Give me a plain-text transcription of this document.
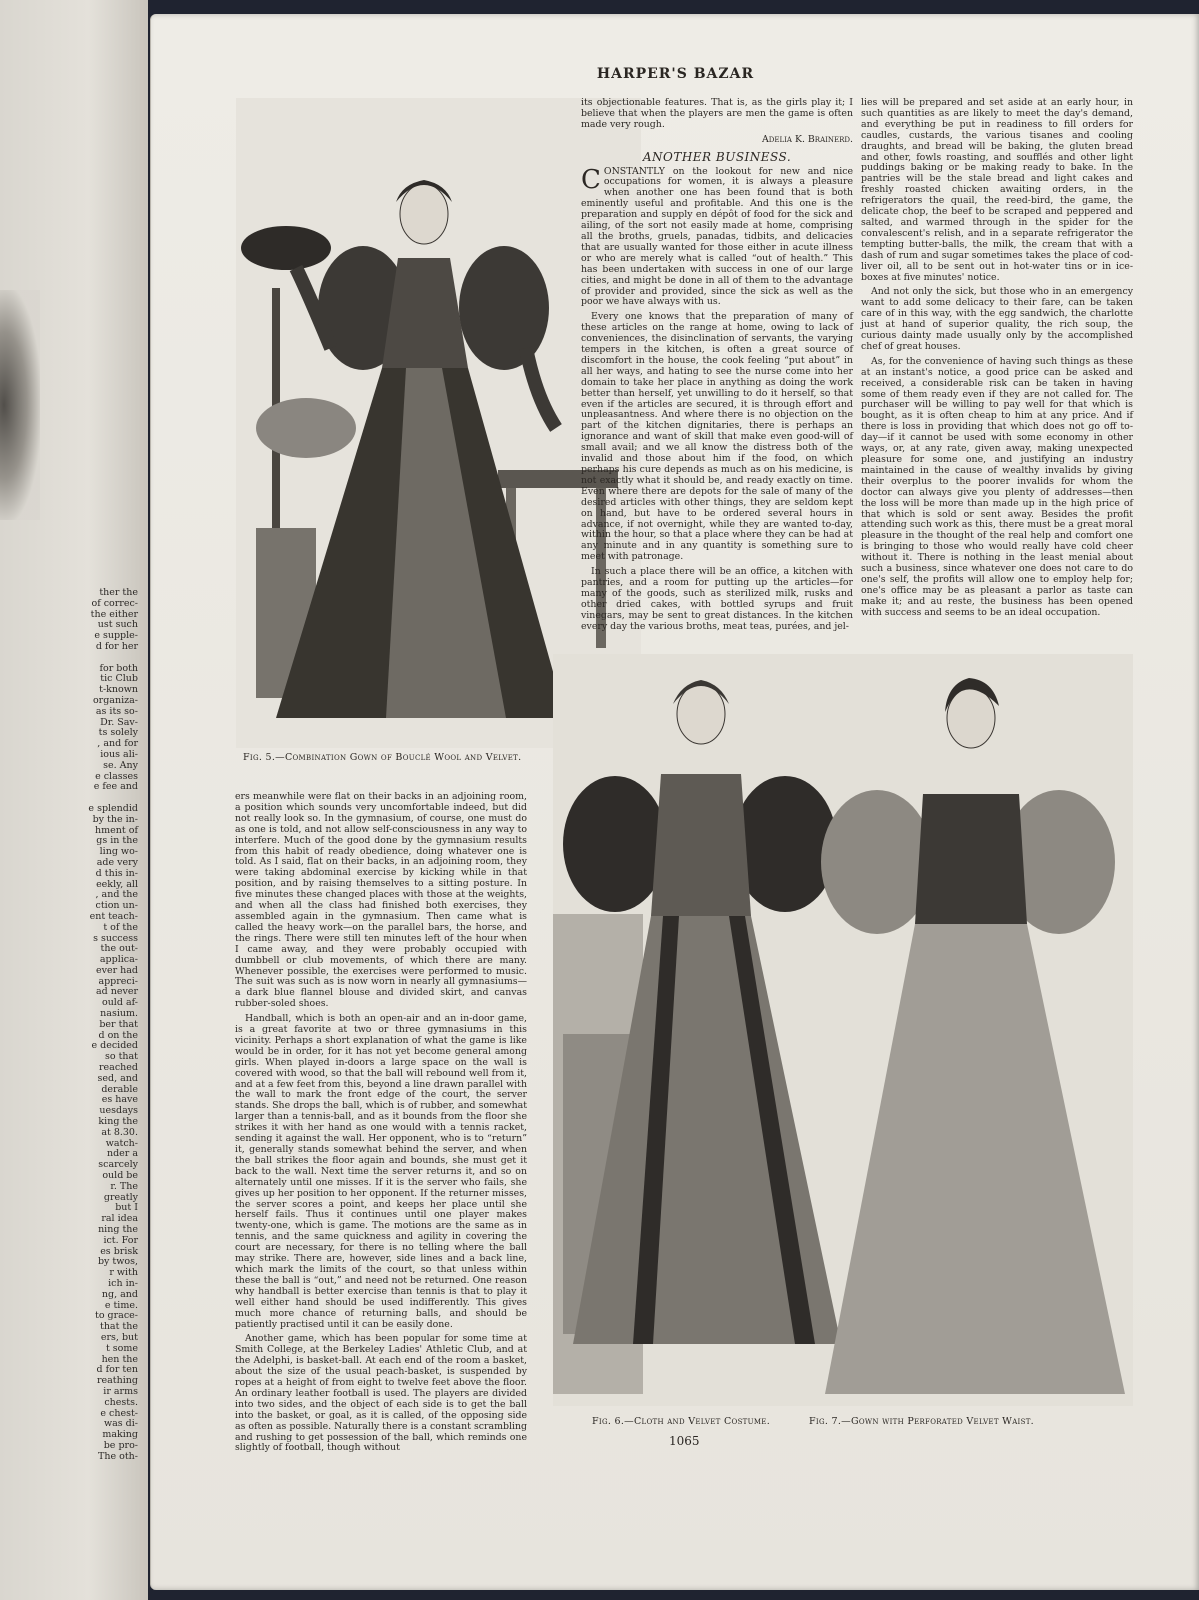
ther the
of correc-
the either
ust such
e supple-
d for her

for both
tic Club
t-known
organiza-
as its so-
Dr. Sav-
ts solely
, and for
ious ali-
se. Any
e classes
e fee and

e splendid
by the in-
hment of
gs in the
ling wo-
ade very
d this in-
eekly, all
, and the
ction un-
ent teach-
t of the
s success
the out-
applica-
ever had
appreci-
ad never
ould af-
nasium.
ber that
d on the
e decided
so that
reached
sed, and
derable
es have
uesdays
king the
at 8.30.
watch-
nder a
scarcely
ould be
r. The
greatly
but I
ral idea
ning the
ict. For
es brisk
by twos,
r with
ich in-
ng, and
e time.
to grace-
that the
ers, but
t some
hen the
d for ten
reathing
ir arms
chests.
e chest-
was di-
making
be pro-
The oth-
HARPER'S BAZAR

Fig. 5.—Combination Gown of Bouclé Wool and Velvet.

its objectionable features. That is, as the girls play it; I believe that when the players are men the game is often made very rough.

Adelia K. Brainerd.
ANOTHER BUSINESS.

CONSTANTLY on the lookout for new and nice occupations for women, it is always a pleasure when another one has been found that is both eminently useful and profitable. And this one is the preparation and supply en dépôt of food for the sick and ailing, of the sort not easily made at home, comprising all the broths, gruels, panadas, tidbits, and delicacies that are usually wanted for those either in acute illness or who are merely what is called “out of health.” This has been undertaken with success in one of our large cities, and might be done in all of them to the advantage of provider and provided, since the sick as well as the poor we have always with us.

Every one knows that the preparation of many of these articles on the range at home, owing to lack of conveniences, the disinclination of servants, the varying tempers in the kitchen, is often a great source of discomfort in the house, the cook feeling “put about” in all her ways, and hating to see the nurse come into her domain to take her place in anything as doing the work better than herself, yet unwilling to do it herself, so that even if the articles are secured, it is through effort and unpleasantness. And where there is no objection on the part of the kitchen dignitaries, there is perhaps an ignorance and want of skill that make even good-will of small avail; and we all know the distress both of the invalid and those about him if the food, on which perhaps his cure depends as much as on his medicine, is not exactly what it should be, and ready exactly on time. Even where there are depots for the sale of many of the desired articles with other things, they are seldom kept on hand, but have to be ordered several hours in advance, if not overnight, while they are wanted to-day, within the hour, so that a place where they can be had at any minute and in any quantity is something sure to meet with patronage.

In such a place there will be an office, a kitchen with pantries, and a room for putting up the articles—for many of the goods, such as sterilized milk, rusks and other dried cakes, with bottled syrups and fruit vinegars, may be sent to great distances. In the kitchen every day the various broths, meat teas, purées, and jel-

lies will be prepared and set aside at an early hour, in such quantities as are likely to meet the day's demand, and everything be put in readiness to fill orders for caudles, custards, the various tisanes and cooling draughts, and bread will be baking, the gluten bread and other, fowls roasting, and soufflés and other light puddings baking or be making ready to bake. In the pantries will be the stale bread and light cakes and freshly roasted chicken awaiting orders, in the refrigerators the quail, the reed-bird, the game, the delicate chop, the beef to be scraped and peppered and salted, and warmed through in the spider for the convalescent's relish, and in a separate refrigerator the tempting butter-balls, the milk, the cream that with a dash of rum and sugar sometimes takes the place of cod-liver oil, all to be sent out in hot-water tins or in ice-boxes at five minutes' notice.

And not only the sick, but those who in an emergency want to add some delicacy to their fare, can be taken care of in this way, with the egg sandwich, the charlotte just at hand of superior quality, the rich soup, the curious dainty made usually only by the accomplished chef of great houses.

As, for the convenience of having such things as these at an instant's notice, a good price can be asked and received, a considerable risk can be taken in having some of them ready even if they are not called for. The purchaser will be willing to pay well for that which is bought, as it is often cheap to him at any price. And if there is loss in providing that which does not go off to-day—if it cannot be used with some economy in other ways, or, at any rate, given away, making unexpected pleasure for some one, and justifying an industry maintained in the cause of wealthy invalids by giving their overplus to the poorer invalids for whom the doctor can always give you plenty of addresses—then the loss will be more than made up in the high price of that which is sold or sent away. Besides the profit attending such work as this, there must be a great moral pleasure in the thought of the real help and comfort one is bringing to those who would really have cold cheer without it. There is nothing in the least menial about such a business, since whatever one does not care to do one's self, the profits will allow one to employ help for; one's office may be as pleasant a parlor as taste can make it; and au reste, the business has been opened with success and seems to be an ideal occupation.

ers meanwhile were flat on their backs in an adjoining room, a position which sounds very uncomfortable indeed, but did not really look so. In the gymnasium, of course, one must do as one is told, and not allow self-consciousness in any way to interfere. Much of the good done by the gymnasium results from this habit of ready obedience, doing whatever one is told. As I said, flat on their backs, in an adjoining room, they were taking abdominal exercise by kicking while in that position, and by raising themselves to a sitting posture. In five minutes these changed places with those at the weights, and when all the class had finished both exercises, they assembled again in the gymnasium. Then came what is called the heavy work—on the parallel bars, the horse, and the rings. There were still ten minutes left of the hour when I came away, and they were probably occupied with dumbbell or club movements, of which there are many. Whenever possible, the exercises were performed to music. The suit was such as is now worn in nearly all gymnasiums—a dark blue flannel blouse and divided skirt, and canvas rubber-soled shoes.

Handball, which is both an open-air and an in-door game, is a great favorite at two or three gymnasiums in this vicinity. Perhaps a short explanation of what the game is like would be in order, for it has not yet become general among girls. When played in-doors a large space on the wall is covered with wood, so that the ball will rebound well from it, and at a few feet from this, beyond a line drawn parallel with the wall to mark the front edge of the court, the server stands. She drops the ball, which is of rubber, and somewhat larger than a tennis-ball, and as it bounds from the floor she strikes it with her hand as one would with a tennis racket, sending it against the wall. Her opponent, who is to “return” it, generally stands somewhat behind the server, and when the ball strikes the floor again and bounds, she must get it back to the wall. Next time the server returns it, and so on alternately until one misses. If it is the server who fails, she gives up her position to her opponent. If the returner misses, the server scores a point, and keeps her place until she herself fails. Thus it continues until one player makes twenty-one, which is game. The motions are the same as in tennis, and the same quickness and agility in covering the court are necessary, for there is no telling where the ball may strike. There are, however, side lines and a back line, which mark the limits of the court, so that unless within these the ball is “out,” and need not be returned. One reason why handball is better exercise than tennis is that to play it well either hand should be used indifferently. This gives much more chance of returning balls, and should be patiently practised until it can be easily done.

Another game, which has been popular for some time at Smith College, at the Berkeley Ladies' Athletic Club, and at the Adelphi, is basket-ball. At each end of the room a basket, about the size of the usual peach-basket, is suspended by ropes at a height of from eight to twelve feet above the floor. An ordinary leather football is used. The players are divided into two sides, and the object of each side is to get the ball into the basket, or goal, as it is called, of the opposing side as often as possible. Naturally there is a constant scrambling and rushing to get possession of the ball, which reminds one slightly of football, though without

Fig. 6.—Cloth and Velvet Costume.	Fig. 7.—Gown with Perforated Velvet Waist.

1065
